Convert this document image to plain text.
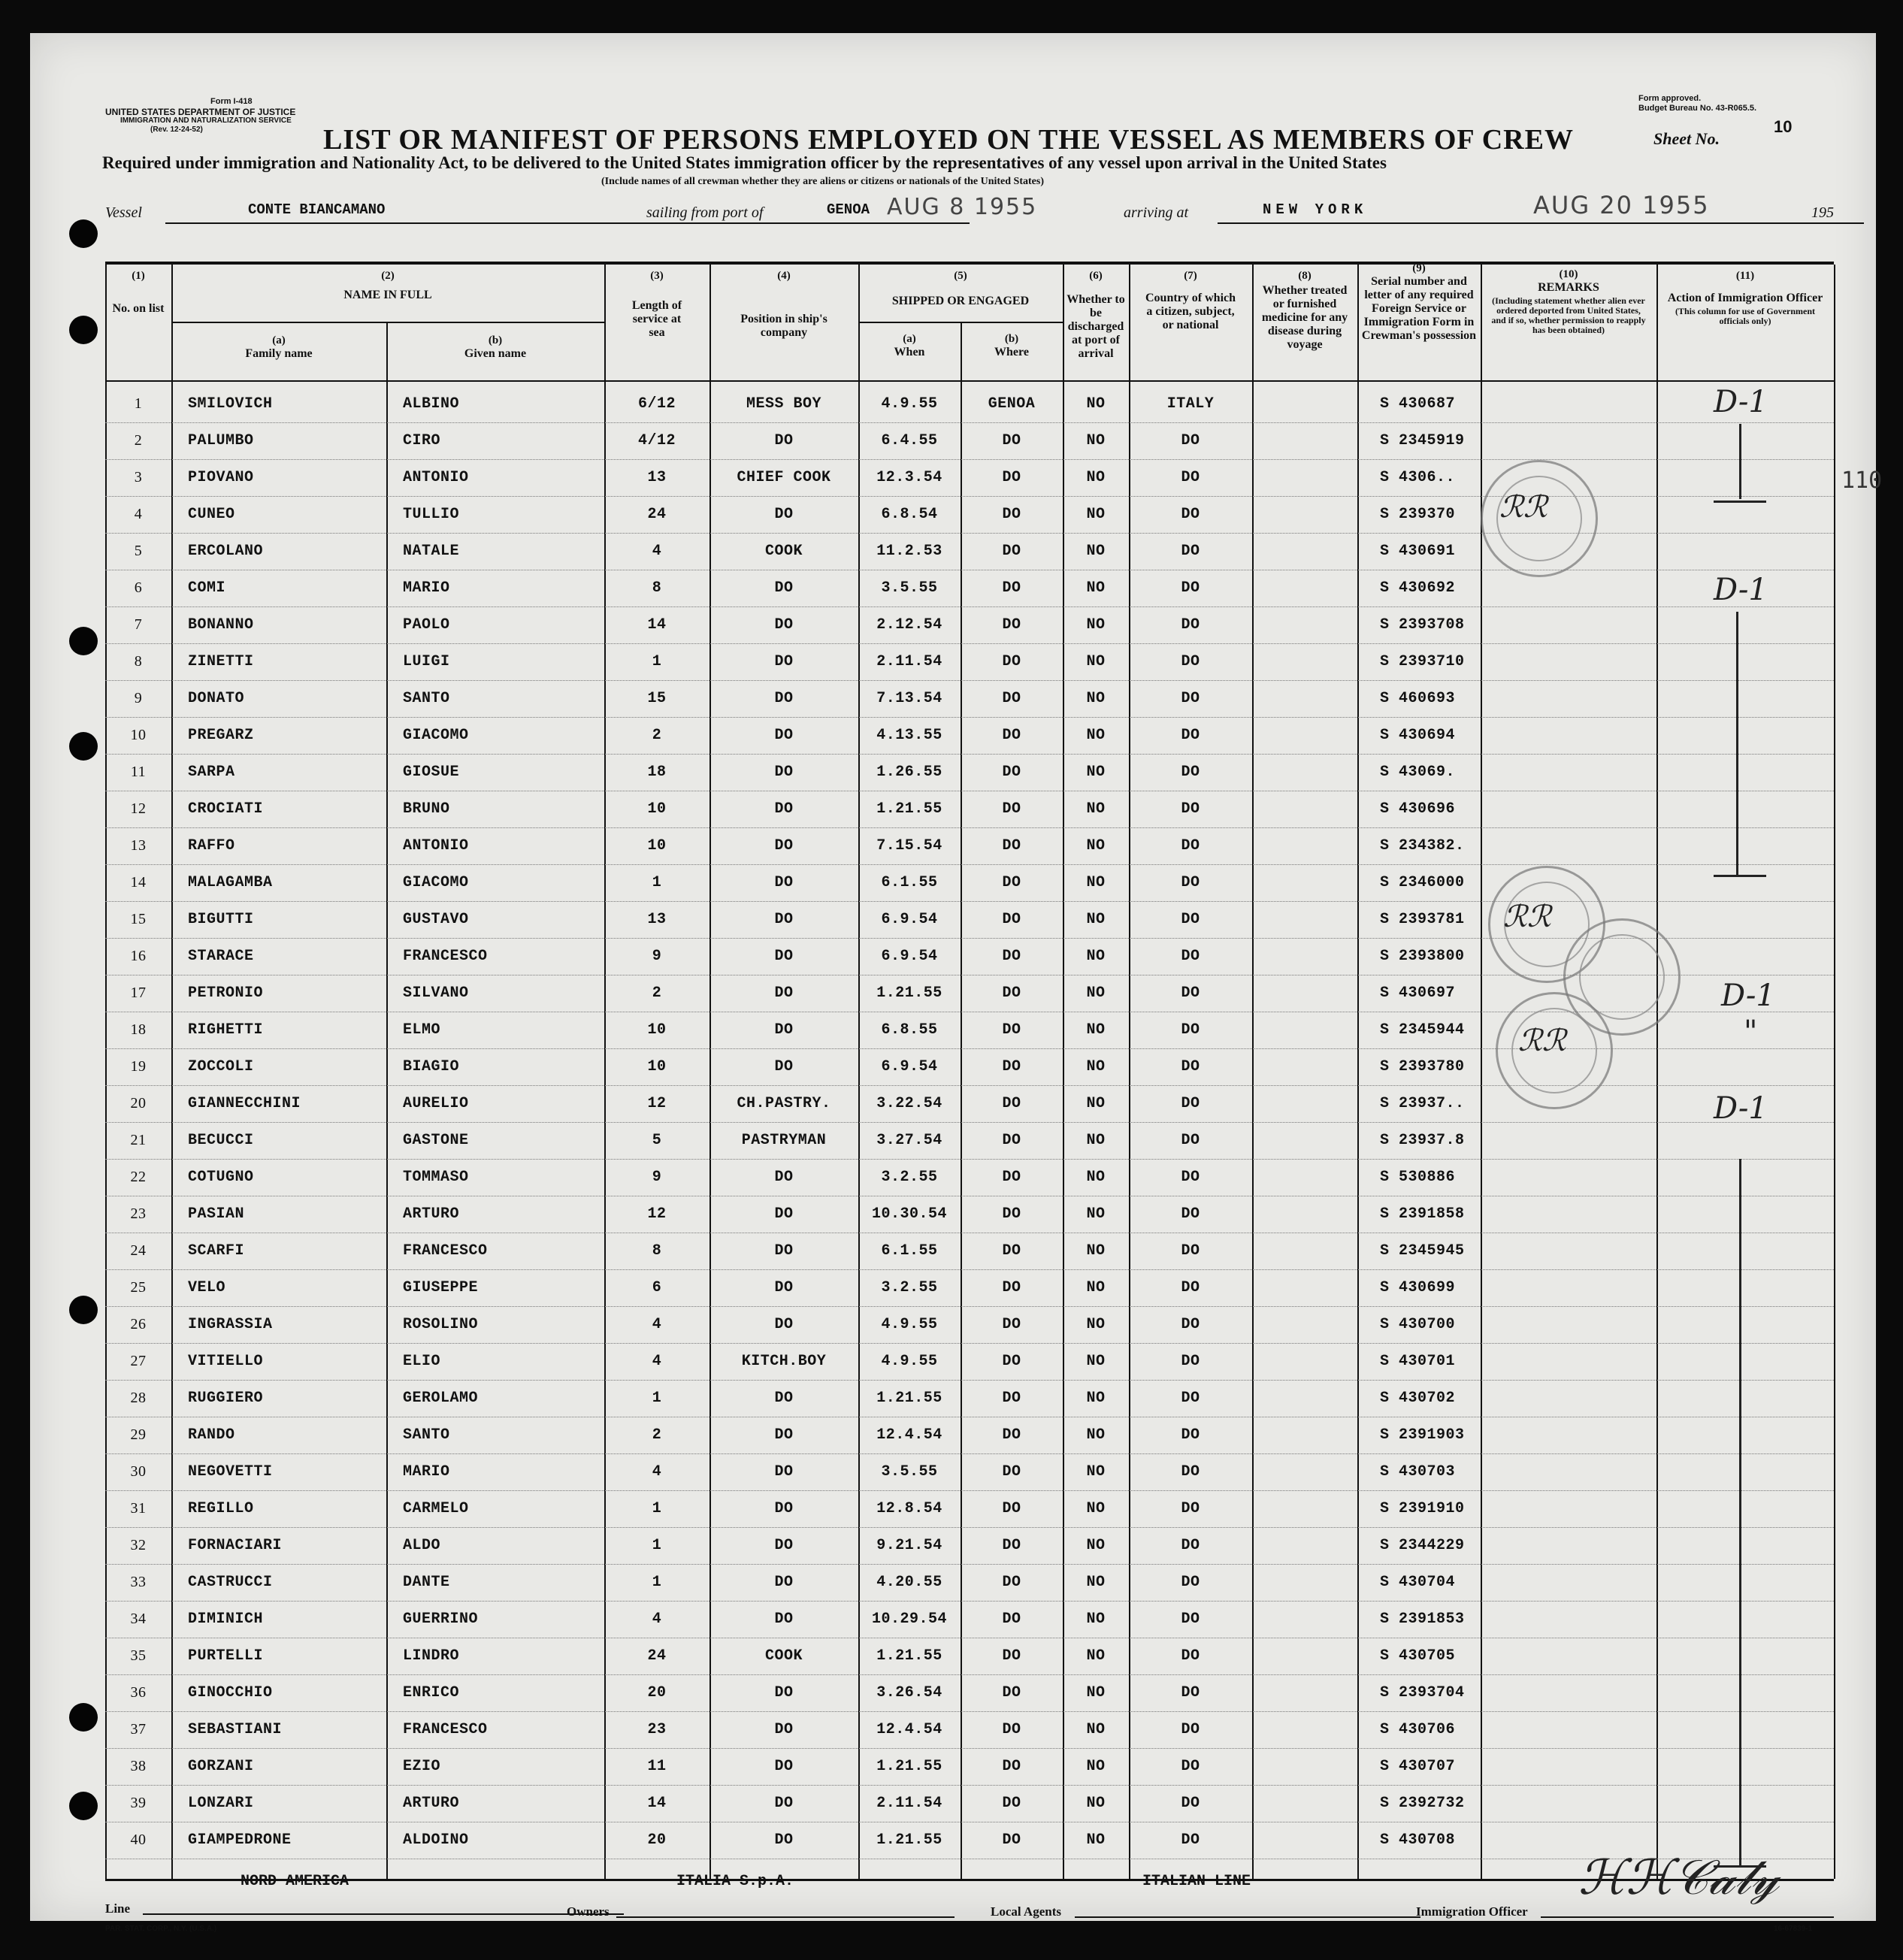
Form I-418
UNITED STATES DEPARTMENT OF JUSTICE
IMMIGRATION AND NATURALIZATION SERVICE
(Rev. 12-24-52)
Form approved.
Budget Bureau No. 43-R065.5.
LIST OR MANIFEST OF PERSONS EMPLOYED ON THE VESSEL AS MEMBERS OF CREW	Sheet No.
10
Required under immigration and Nationality Act, to be delivered to the United States immigration officer by the representatives of any vessel upon arrival in the United States
(Include names of all crewman whether they are aliens or citizens or nationals of the United States)
Vessel	CONTE BIANCAMANO	sailing from port of	GENOA AUG 8 1955	arriving at	NEW YORK	AUG 20 1955	195
(1)
No. on list
(2)
NAME IN FULL
(a)
Family name
(b)
Given name
(3)
Length of service at sea
(4)
Position in ship's company
(5)
SHIPPED OR ENGAGED
(a)
When
(b)
Where
(6)
Whether to be discharged at port of arrival
(7)
Country of which a citizen, subject, or national
(8)
Whether treated or furnished medicine for any disease during voyage
(9)
Serial number and letter of any required Foreign Service or Immigration Form in Crewman's possession
(10)
REMARKS
(Including statement whether alien ever ordered deported from United States, and if so, whether permission to reapply has been obtained)
(11)
Action of Immigration Officer
(This column for use of Government officials only)
1	SMILOVICH	ALBINO	6/12	MESS BOY	4.9.55	GENOA	NO	ITALY	S 430687
2	PALUMBO	CIRO	4/12	DO	6.4.55	DO	NO	DO	S 2345919
3	PIOVANO	ANTONIO	13	CHIEF COOK	12.3.54	DO	NO	DO	S 4306..
4	CUNEO	TULLIO	24	DO	6.8.54	DO	NO	DO	S 239370
5	ERCOLANO	NATALE	4	COOK	11.2.53	DO	NO	DO	S 430691
6	COMI	MARIO	8	DO	3.5.55	DO	NO	DO	S 430692
7	BONANNO	PAOLO	14	DO	2.12.54	DO	NO	DO	S 2393708
8	ZINETTI	LUIGI	1	DO	2.11.54	DO	NO	DO	S 2393710
9	DONATO	SANTO	15	DO	7.13.54	DO	NO	DO	S 460693
10	PREGARZ	GIACOMO	2	DO	4.13.55	DO	NO	DO	S 430694
11	SARPA	GIOSUE	18	DO	1.26.55	DO	NO	DO	S 43069.
12	CROCIATI	BRUNO	10	DO	1.21.55	DO	NO	DO	S 430696
13	RAFFO	ANTONIO	10	DO	7.15.54	DO	NO	DO	S 234382.
14	MALAGAMBA	GIACOMO	1	DO	6.1.55	DO	NO	DO	S 2346000
15	BIGUTTI	GUSTAVO	13	DO	6.9.54	DO	NO	DO	S 2393781
16	STARACE	FRANCESCO	9	DO	6.9.54	DO	NO	DO	S 2393800
17	PETRONIO	SILVANO	2	DO	1.21.55	DO	NO	DO	S 430697
18	RIGHETTI	ELMO	10	DO	6.8.55	DO	NO	DO	S 2345944
19	ZOCCOLI	BIAGIO	10	DO	6.9.54	DO	NO	DO	S 2393780
20	GIANNECCHINI	AURELIO	12	CH.PASTRY.	3.22.54	DO	NO	DO	S 23937..
21	BECUCCI	GASTONE	5	PASTRYMAN	3.27.54	DO	NO	DO	S 23937.8
22	COTUGNO	TOMMASO	9	DO	3.2.55	DO	NO	DO	S 530886
23	PASIAN	ARTURO	12	DO	10.30.54	DO	NO	DO	S 2391858
24	SCARFI	FRANCESCO	8	DO	6.1.55	DO	NO	DO	S 2345945
25	VELO	GIUSEPPE	6	DO	3.2.55	DO	NO	DO	S 430699
26	INGRASSIA	ROSOLINO	4	DO	4.9.55	DO	NO	DO	S 430700
27	VITIELLO	ELIO	4	KITCH.BOY	4.9.55	DO	NO	DO	S 430701
28	RUGGIERO	GEROLAMO	1	DO	1.21.55	DO	NO	DO	S 430702
29	RANDO	SANTO	2	DO	12.4.54	DO	NO	DO	S 2391903
30	NEGOVETTI	MARIO	4	DO	3.5.55	DO	NO	DO	S 430703
31	REGILLO	CARMELO	1	DO	12.8.54	DO	NO	DO	S 2391910
32	FORNACIARI	ALDO	1	DO	9.21.54	DO	NO	DO	S 2344229
33	CASTRUCCI	DANTE	1	DO	4.20.55	DO	NO	DO	S 430704
34	DIMINICH	GUERRINO	4	DO	10.29.54	DO	NO	DO	S 2391853
35	PURTELLI	LINDRO	24	COOK	1.21.55	DO	NO	DO	S 430705
36	GINOCCHIO	ENRICO	20	DO	3.26.54	DO	NO	DO	S 2393704
37	SEBASTIANI	FRANCESCO	23	DO	12.4.54	DO	NO	DO	S 430706
38	GORZANI	EZIO	11	DO	1.21.55	DO	NO	DO	S 430707
39	LONZARI	ARTURO	14	DO	2.11.54	DO	NO	DO	S 2392732
40	GIAMPEDRONE	ALDOINO	20	DO	1.21.55	DO	NO	DO	S 430708
ℛℛ
ℛℛ
ℛℛ
D-1
D-1
D-1
"
D-1
110
NORD AMERICA	ITALIA S.p.A.	ITALIAN LINE
Line	Owners	Local Agents	Immigration Officer
ℋℋ𝒞𝒶𝓁𝓎
PAR. STAT. CORP., N.Y. (U.S.A.)	16-67839-1
